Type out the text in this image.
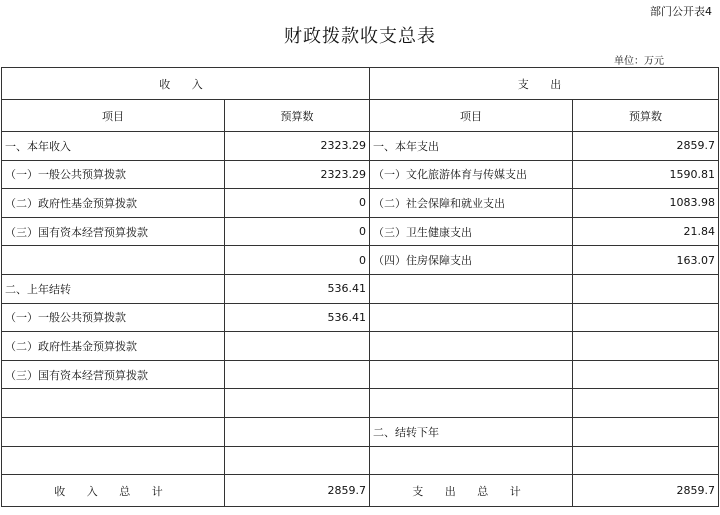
部门公开表4
财政拨款收支总表
单位：万元
收 入		支 出	
项目	预算数	项目	预算数
一、本年收入	2323.29	一、本年支出	2859.7
（一）一般公共预算拨款	2323.29	（一）文化旅游体育与传媒支出	1590.81
（二）政府性基金预算拨款	0	（二）社会保障和就业支出	1083.98
（三）国有资本经营预算拨款	0	（三）卫生健康支出	21.84
	0	（四）住房保障支出	163.07
二、上年结转	536.41		
（一）一般公共预算拨款	536.41		
（二）政府性基金预算拨款			
（三）国有资本经营预算拨款			

		二、结转下年	

收 入 总 计	2859.7	支 出 总 计	2859.7
